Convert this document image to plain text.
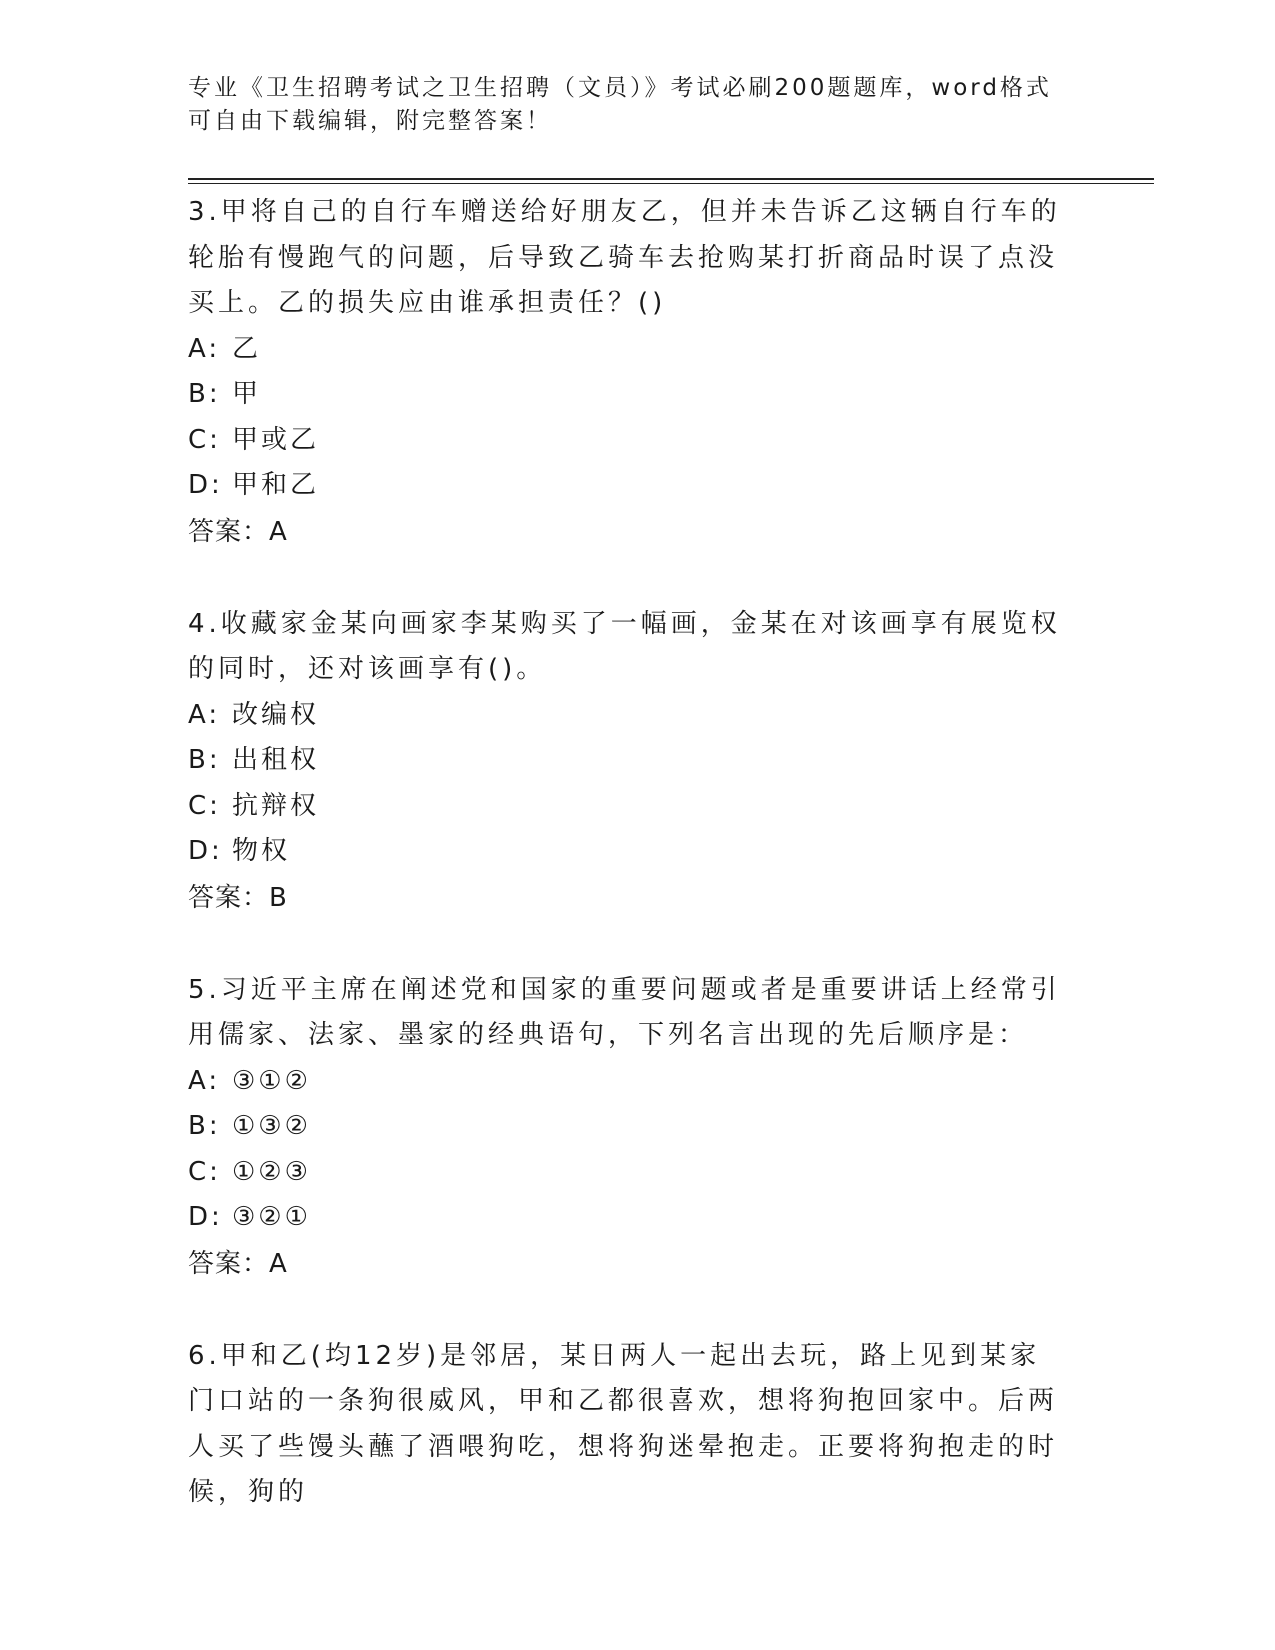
专业《卫生招聘考试之卫生招聘（文员）》考试必刷200题题库，word格式可自由下载编辑，附完整答案！

3.甲将自己的自行车赠送给好朋友乙，但并未告诉乙这辆自行车的轮胎有慢跑气的问题，后导致乙骑车去抢购某打折商品时误了点没买上。乙的损失应由谁承担责任？()

A: 乙

B: 甲

C: 甲或乙

D: 甲和乙

答案：A

4.收藏家金某向画家李某购买了一幅画，金某在对该画享有展览权的同时，还对该画享有()。

A: 改编权

B: 出租权

C: 抗辩权

D: 物权

答案：B

5.习近平主席在阐述党和国家的重要问题或者是重要讲话上经常引用儒家、法家、墨家的经典语句，下列名言出现的先后顺序是：

A: ③①②

B: ①③②

C: ①②③

D: ③②①

答案：A

6.甲和乙(均12岁)是邻居，某日两人一起出去玩，路上见到某家门口站的一条狗很威风，甲和乙都很喜欢，想将狗抱回家中。后两人买了些馒头蘸了酒喂狗吃，想将狗迷晕抱走。正要将狗抱走的时候，狗的
